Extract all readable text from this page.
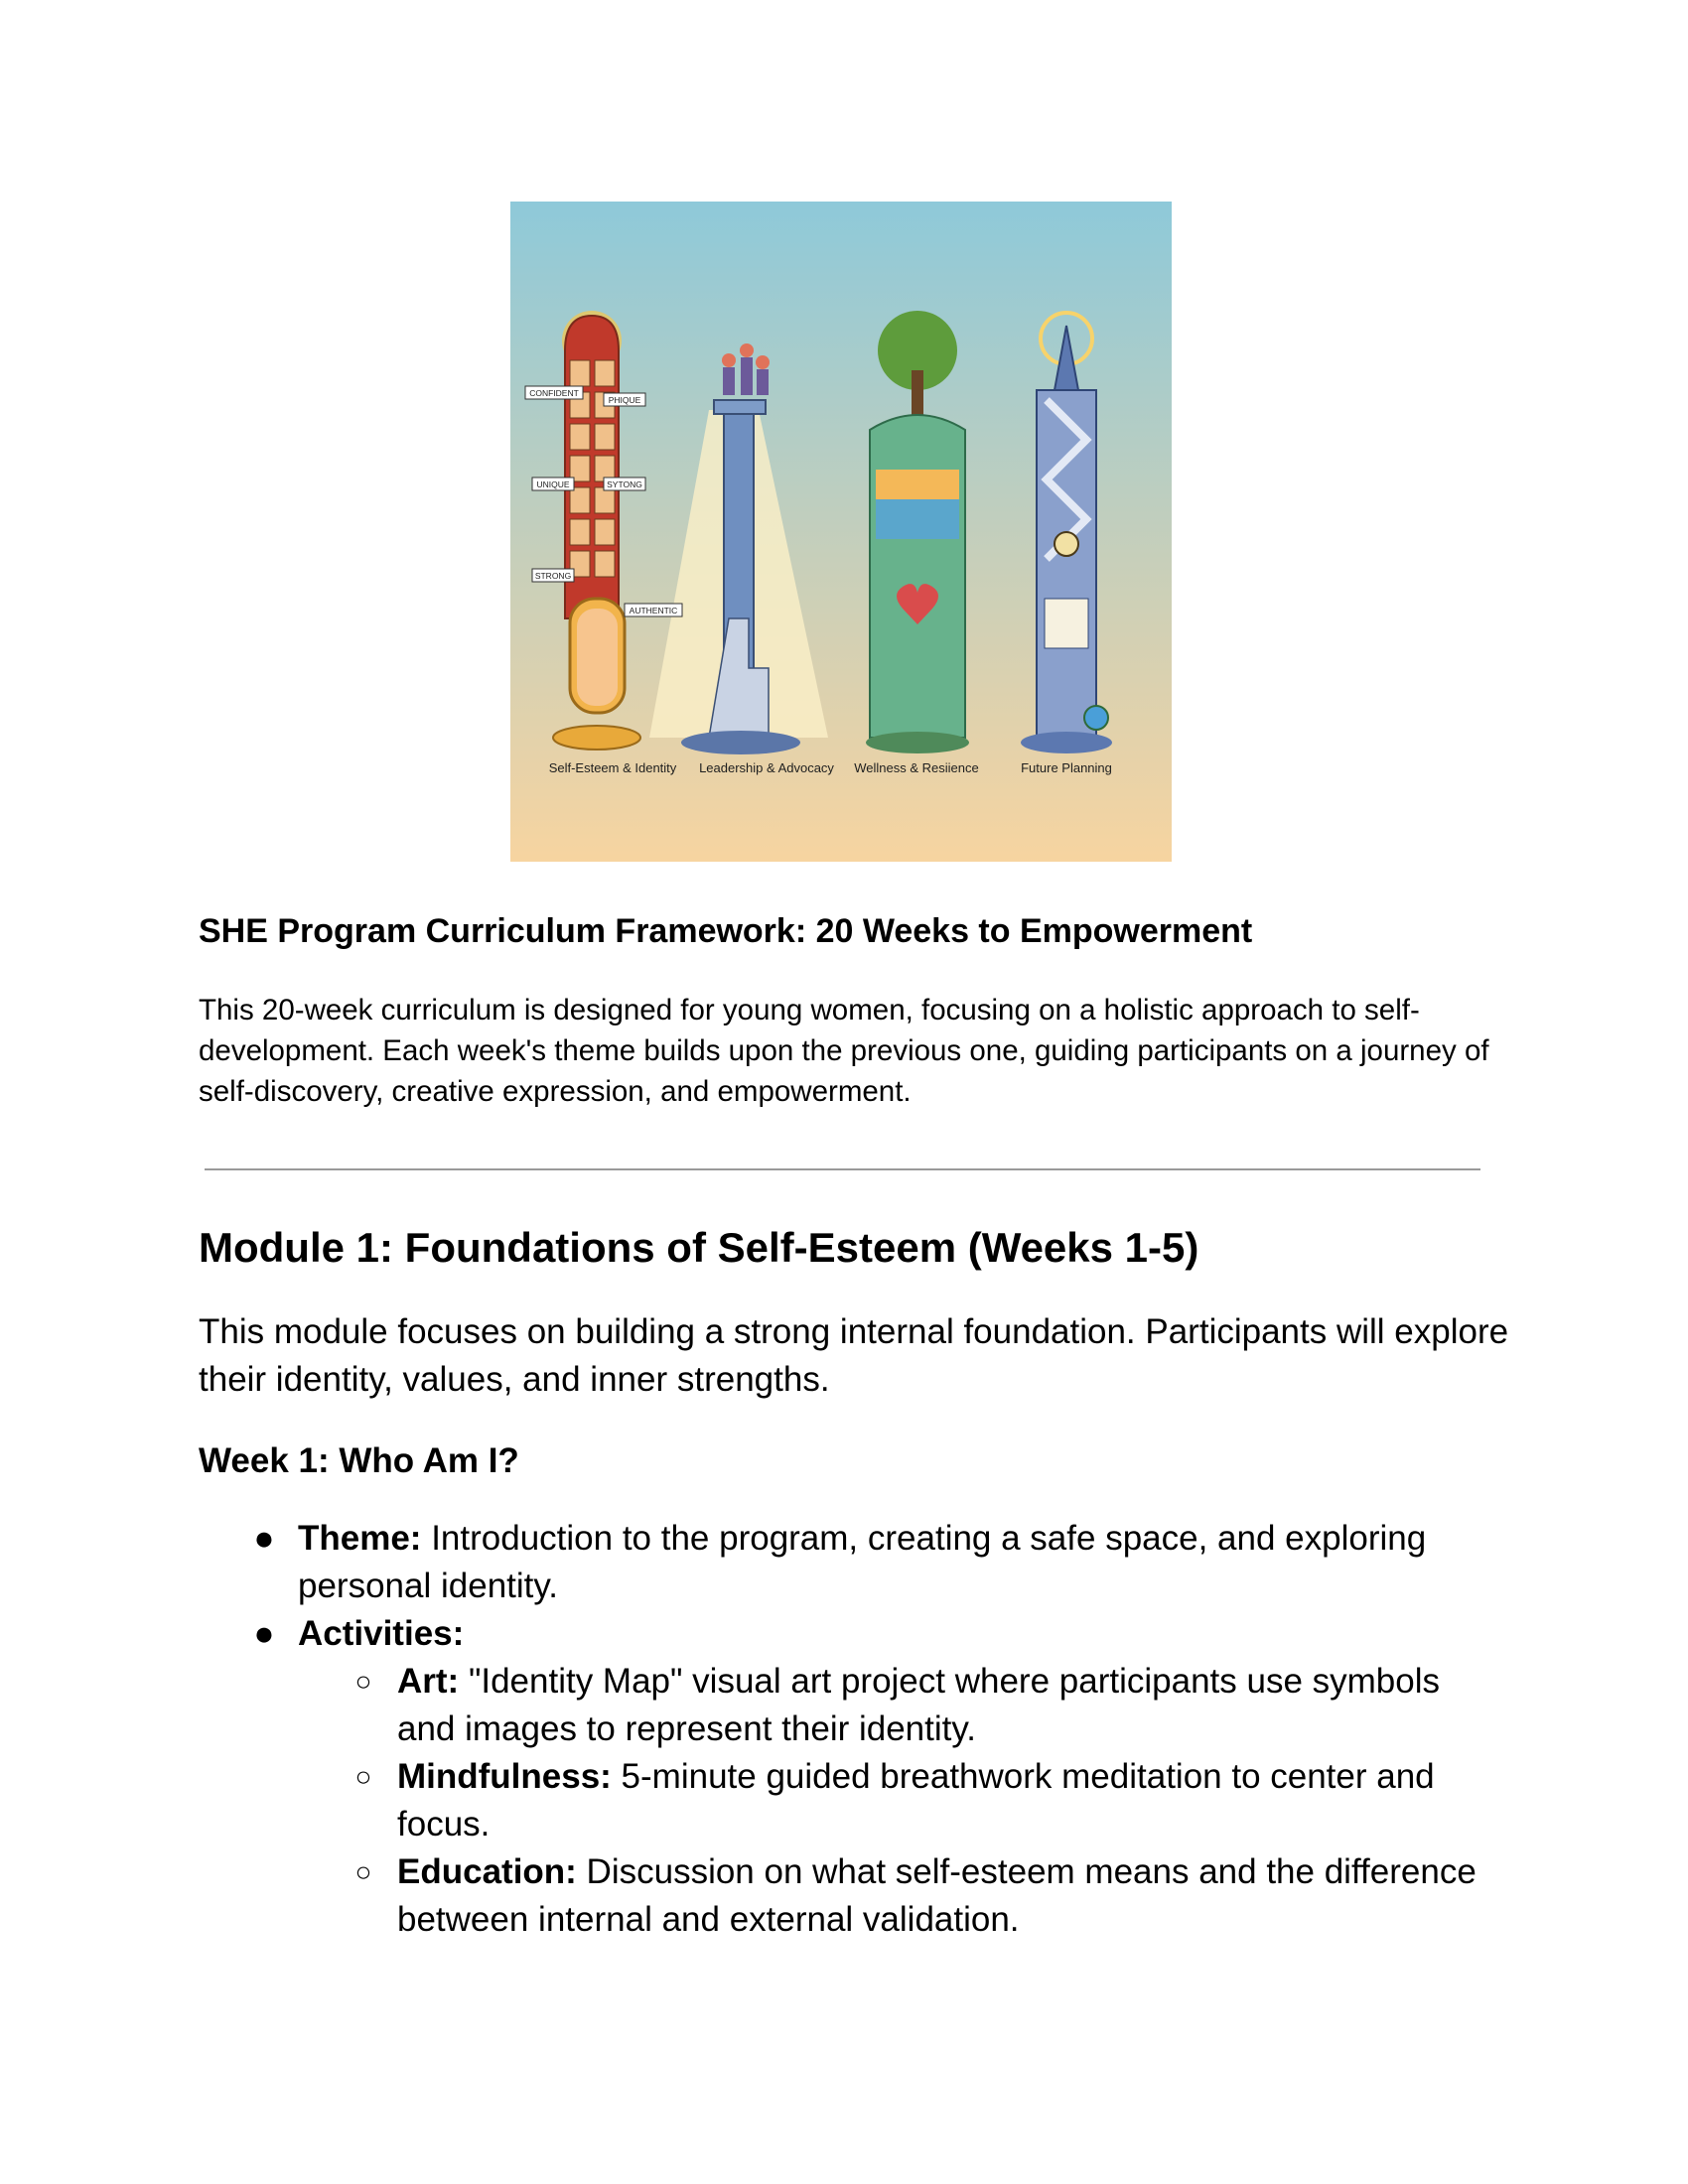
CONFIDENT
PHIQUE
UNIQUE	SYTONG
STRONG
AUTHENTIC
Self-Esteem & Identity Leadership & Advocacy Wellness & Resiience	Future Planning
SHE Program Curriculum Framework: 20 Weeks to Empowerment

This 20-week curriculum is designed for young women, focusing on a holistic approach to self-development. Each week's theme builds upon the previous one, guiding participants on a journey of self-discovery, creative expression, and empowerment.

Module 1: Foundations of Self-Esteem (Weeks 1-5)

This module focuses on building a strong internal foundation. Participants will explore their identity, values, and inner strengths.

Week 1: Who Am I?
● Theme: Introduction to the program, creating a safe space, and exploring personal identity.
● Activities:
○ Art: "Identity Map" visual art project where participants use symbols and images to represent their identity.
○ Mindfulness: 5-minute guided breathwork meditation to center and focus.
○ Education: Discussion on what self-esteem means and the difference between internal and external validation.
